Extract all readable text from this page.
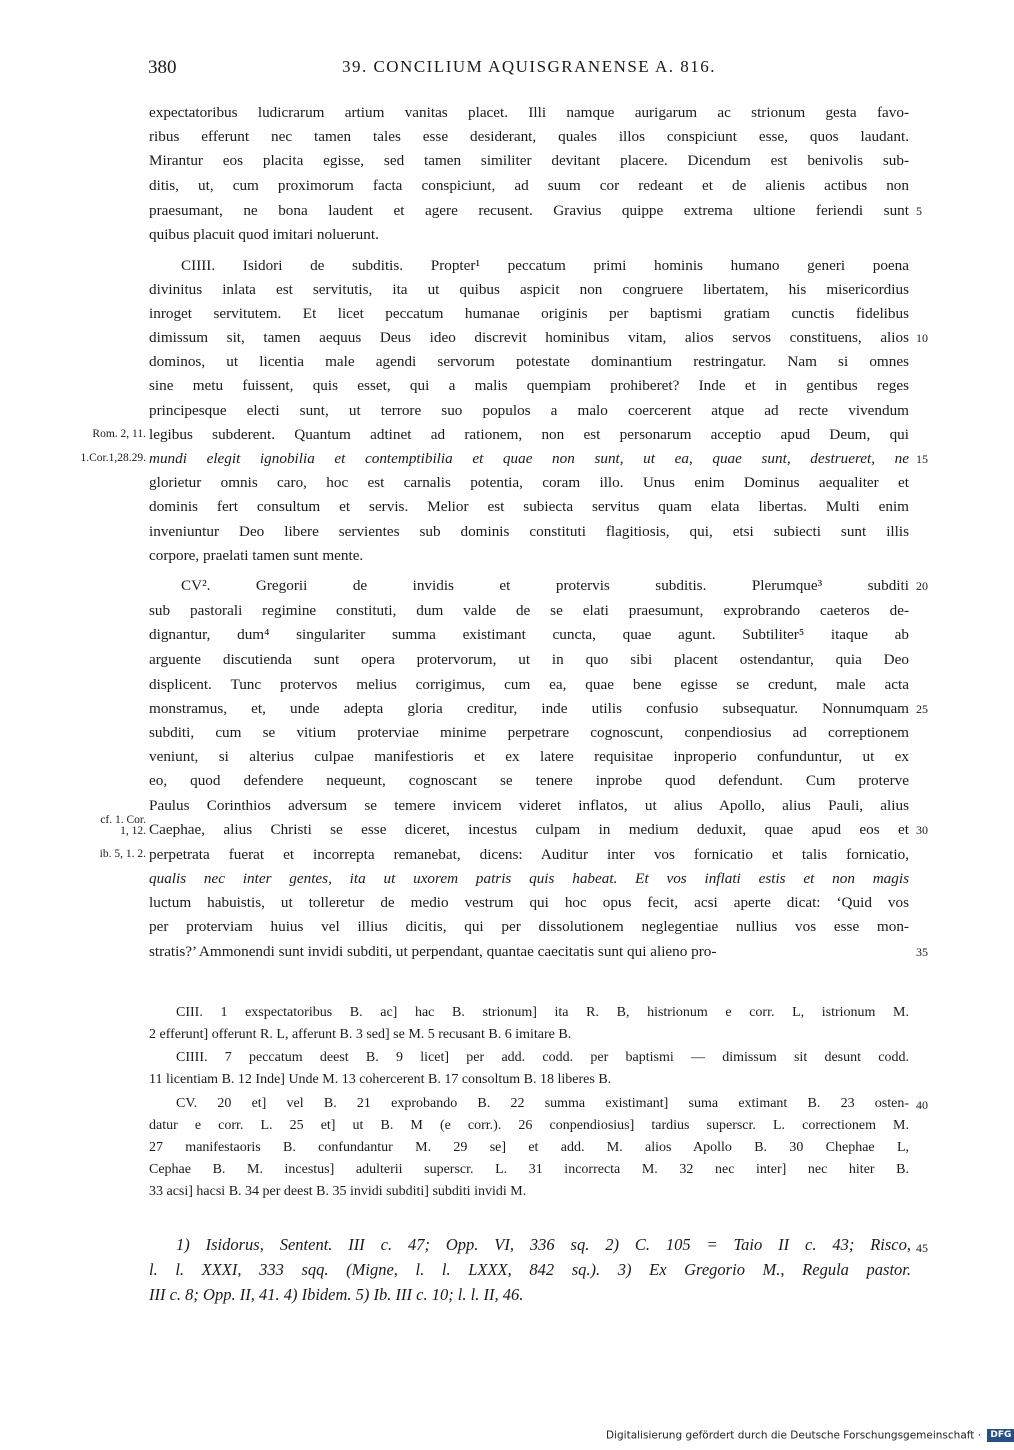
380	39. CONCILIUM AQUISGRANENSE A. 816.
expectatoribus ludicrarum artium vanitas placet. Illi namque aurigarum ac strionum gesta favo-
ribus efferunt nec tamen tales esse desiderant, quales illos conspiciunt esse, quos laudant.
Mirantur eos placita egisse, sed tamen similiter devitant placere. Dicendum est benivolis sub-
ditis, ut, cum proximorum facta conspiciunt, ad suum cor redeant et de alienis actibus non
praesumant, ne bona laudent et agere recusent. Gravius quippe extrema ultione feriendi sunt
quibus placuit quod imitari noluerunt.
CIIII. Isidori de subditis. Propter¹ peccatum primi hominis humano generi poena
divinitus inlata est servitutis, ita ut quibus aspicit non congruere libertatem, his misericordius
inroget servitutem. Et licet peccatum humanae originis per baptismi gratiam cunctis fidelibus
dimissum sit, tamen aequus Deus ideo discrevit hominibus vitam, alios servos constituens, alios
dominos, ut licentia male agendi servorum potestate dominantium restringatur. Nam si omnes
sine metu fuissent, quis esset, qui a malis quempiam prohiberet? Inde et in gentibus reges
principesque electi sunt, ut terrore suo populos a malo coercerent atque ad recte vivendum
legibus subderent. Quantum adtinet ad rationem, non est personarum acceptio apud Deum, qui
mundi elegit ignobilia et contemptibilia et quae non sunt, ut ea, quae sunt, destrueret, ne
glorietur omnis caro, hoc est carnalis potentia, coram illo. Unus enim Dominus aequaliter et
dominis fert consultum et servis. Melior est subiecta servitus quam elata libertas. Multi enim
inveniuntur Deo libere servientes sub dominis constituti flagitiosis, qui, etsi subiecti sunt illis
corpore, praelati tamen sunt mente.
CV². Gregorii de invidis et protervis subditis. Plerumque³ subditi
sub pastorali regimine constituti, dum valde de se elati praesumunt, exprobrando caeteros de-
dignantur, dum⁴ singulariter summa existimant cuncta, quae agunt. Subtiliter⁵ itaque ab
arguente discutienda sunt opera protervorum, ut in quo sibi placent ostendantur, quia Deo
displicent. Tunc protervos melius corrigimus, cum ea, quae bene egisse se credunt, male acta
monstramus, et, unde adepta gloria creditur, inde utilis confusio subsequatur. Nonnumquam
subditi, cum se vitium proterviae minime perpetrare cognoscunt, conpendiosius ad correptionem
veniunt, si alterius culpae manifestioris et ex latere requisitae inproperio confunduntur, ut ex
eo, quod defendere nequeunt, cognoscant se tenere inprobe quod defendunt. Cum proterve
Paulus Corinthios adversum se temere invicem videret inflatos, ut alius Apollo, alius Pauli, alius
Caephae, alius Christi se esse diceret, incestus culpam in medium deduxit, quae apud eos et
perpetrata fuerat et incorrepta remanebat, dicens: Auditur inter vos fornicatio et talis fornicatio,
qualis nec inter gentes, ita ut uxorem patris quis habeat. Et vos inflati estis et non magis
luctum habuistis, ut tolleretur de medio vestrum qui hoc opus fecit, acsi aperte dicat: ‘Quid vos
per proterviam huius vel illius dicitis, qui per dissolutionem neglegentiae nullius vos esse mon-
stratis?’ Ammonendi sunt invidi subditi, ut perpendant, quantae caecitatis sunt qui alieno pro-
5
10
15
20
25
30
35
40
45
Rom. 2, 11.
1.Cor.1,28.29.
cf. 1. Cor.
1, 12.
ib. 5, 1. 2.
CIII. 1 exspectatoribus B. ac] hac B. strionum] ita R. B, histrionum e corr. L, istrionum M.
2 efferunt] offerunt R. L, afferunt B. 3 sed] se M. 5 recusant B. 6 imitare B.
CIIII. 7 peccatum deest B. 9 licet] per add. codd. per baptismi — dimissum sit desunt codd.
11 licentiam B. 12 Inde] Unde M. 13 cohercerent B. 17 consoltum B. 18 liberes B.
CV. 20 et] vel B. 21 exprobando B. 22 summa existimant] suma extimant B. 23 osten-
datur e corr. L. 25 et] ut B. M (e corr.). 26 conpendiosius] tardius superscr. L. correctionem M.
27 manifestaoris B. confundantur M. 29 se] et add. M. alios Apollo B. 30 Chephae L,
Cephae B. M. incestus] adulterii superscr. L. 31 incorrecta M. 32 nec inter] nec hiter B.
33 acsi] hacsi B. 34 per deest B. 35 invidi subditi] subditi invidi M.
1) Isidorus, Sentent. III c. 47; Opp. VI, 336 sq. 2) C. 105 = Taio II c. 43; Risco,
l. l. XXXI, 333 sqq. (Migne, l. l. LXXX, 842 sq.). 3) Ex Gregorio M., Regula pastor.
III c. 8; Opp. II, 41. 4) Ibidem. 5) Ib. III c. 10; l. l. II, 46.
Digitalisierung gefördert durch die Deutsche Forschungsgemeinschaft · DFG
